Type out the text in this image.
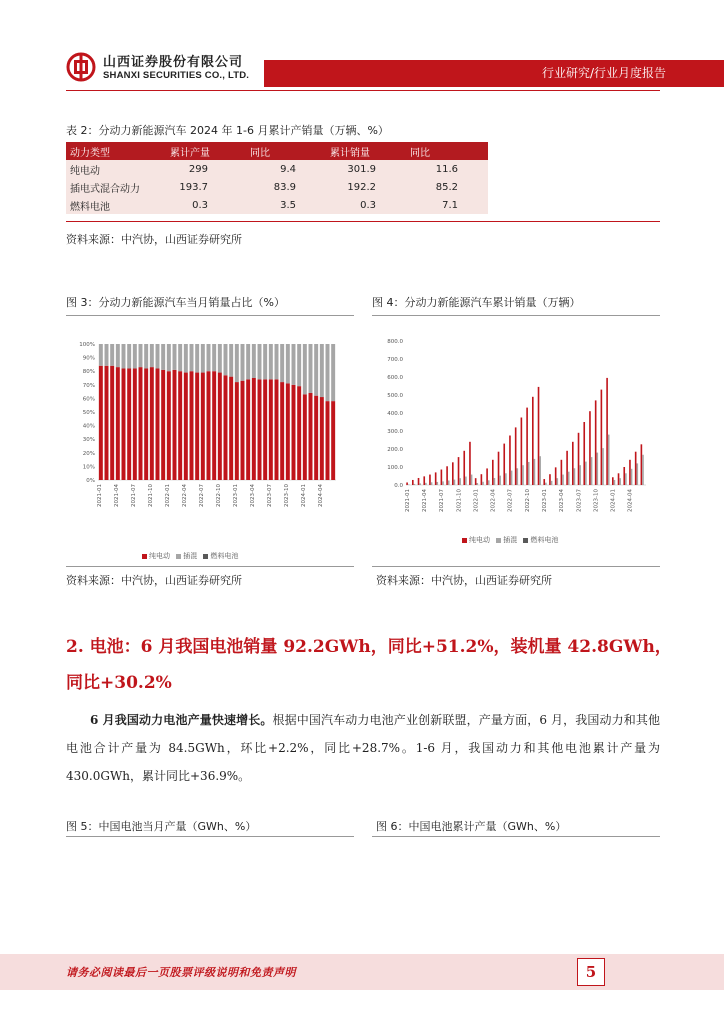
山西证券股份有限公司
SHANXI SECURITIES CO., LTD.	行业研究/行业月度报告
表 2：分动力新能源汽车 2024 年 1-6 月累计产销量（万辆、%）
动力类型	累计产量	同比	累计销量	同比
纯电动	299	9.4	301.9	11.6
插电式混合动力	193.7	83.9	192.2	85.2
燃料电池	0.3	3.5	0.3	7.1
资料来源：中汽协，山西证券研究所
图 3：分动力新能源汽车当月销量占比（%）	图 4：分动力新能源汽车累计销量（万辆）
0%
10%
20%
30%
40%
50%
60%
70%
80%
90%
100%
2021-01 2021-04 2021-07 2021-10 2022-01 2022-04 2022-07 2022-10 2023-01 2023-04 2023-07 2023-10 2024-01 2024-04
纯电动 插混 燃料电池
0.0
100.0
200.0
300.0
400.0
500.0
600.0
700.0
800.0
2021-01 2021-04 2021-07 2021-10 2022-01 2022-04 2022-07 2022-10 2023-01 2023-04 2023-07 2023-10 2024-01 2024-04
纯电动 插混 燃料电池
资料来源：中汽协，山西证券研究所	资料来源：中汽协，山西证券研究所
2. 电池：6 月我国电池销量 92.2GWh，同比+51.2%，装机量 42.8GWh，
同比+30.2%
6 月我国动力电池产量快速增长。根据中国汽车动力电池产业创新联盟，产量方面，6 月，我国动力和其他电池合计产量为 84.5GWh，环比+2.2%，同比+28.7%。1-6 月，我国动力和其他电池累计产量为 430.0GWh，累计同比+36.9%。
图 5：中国电池当月产量（GWh、%）	图 6：中国电池累计产量（GWh、%）
请务必阅读最后一页股票评级说明和免责声明	5
